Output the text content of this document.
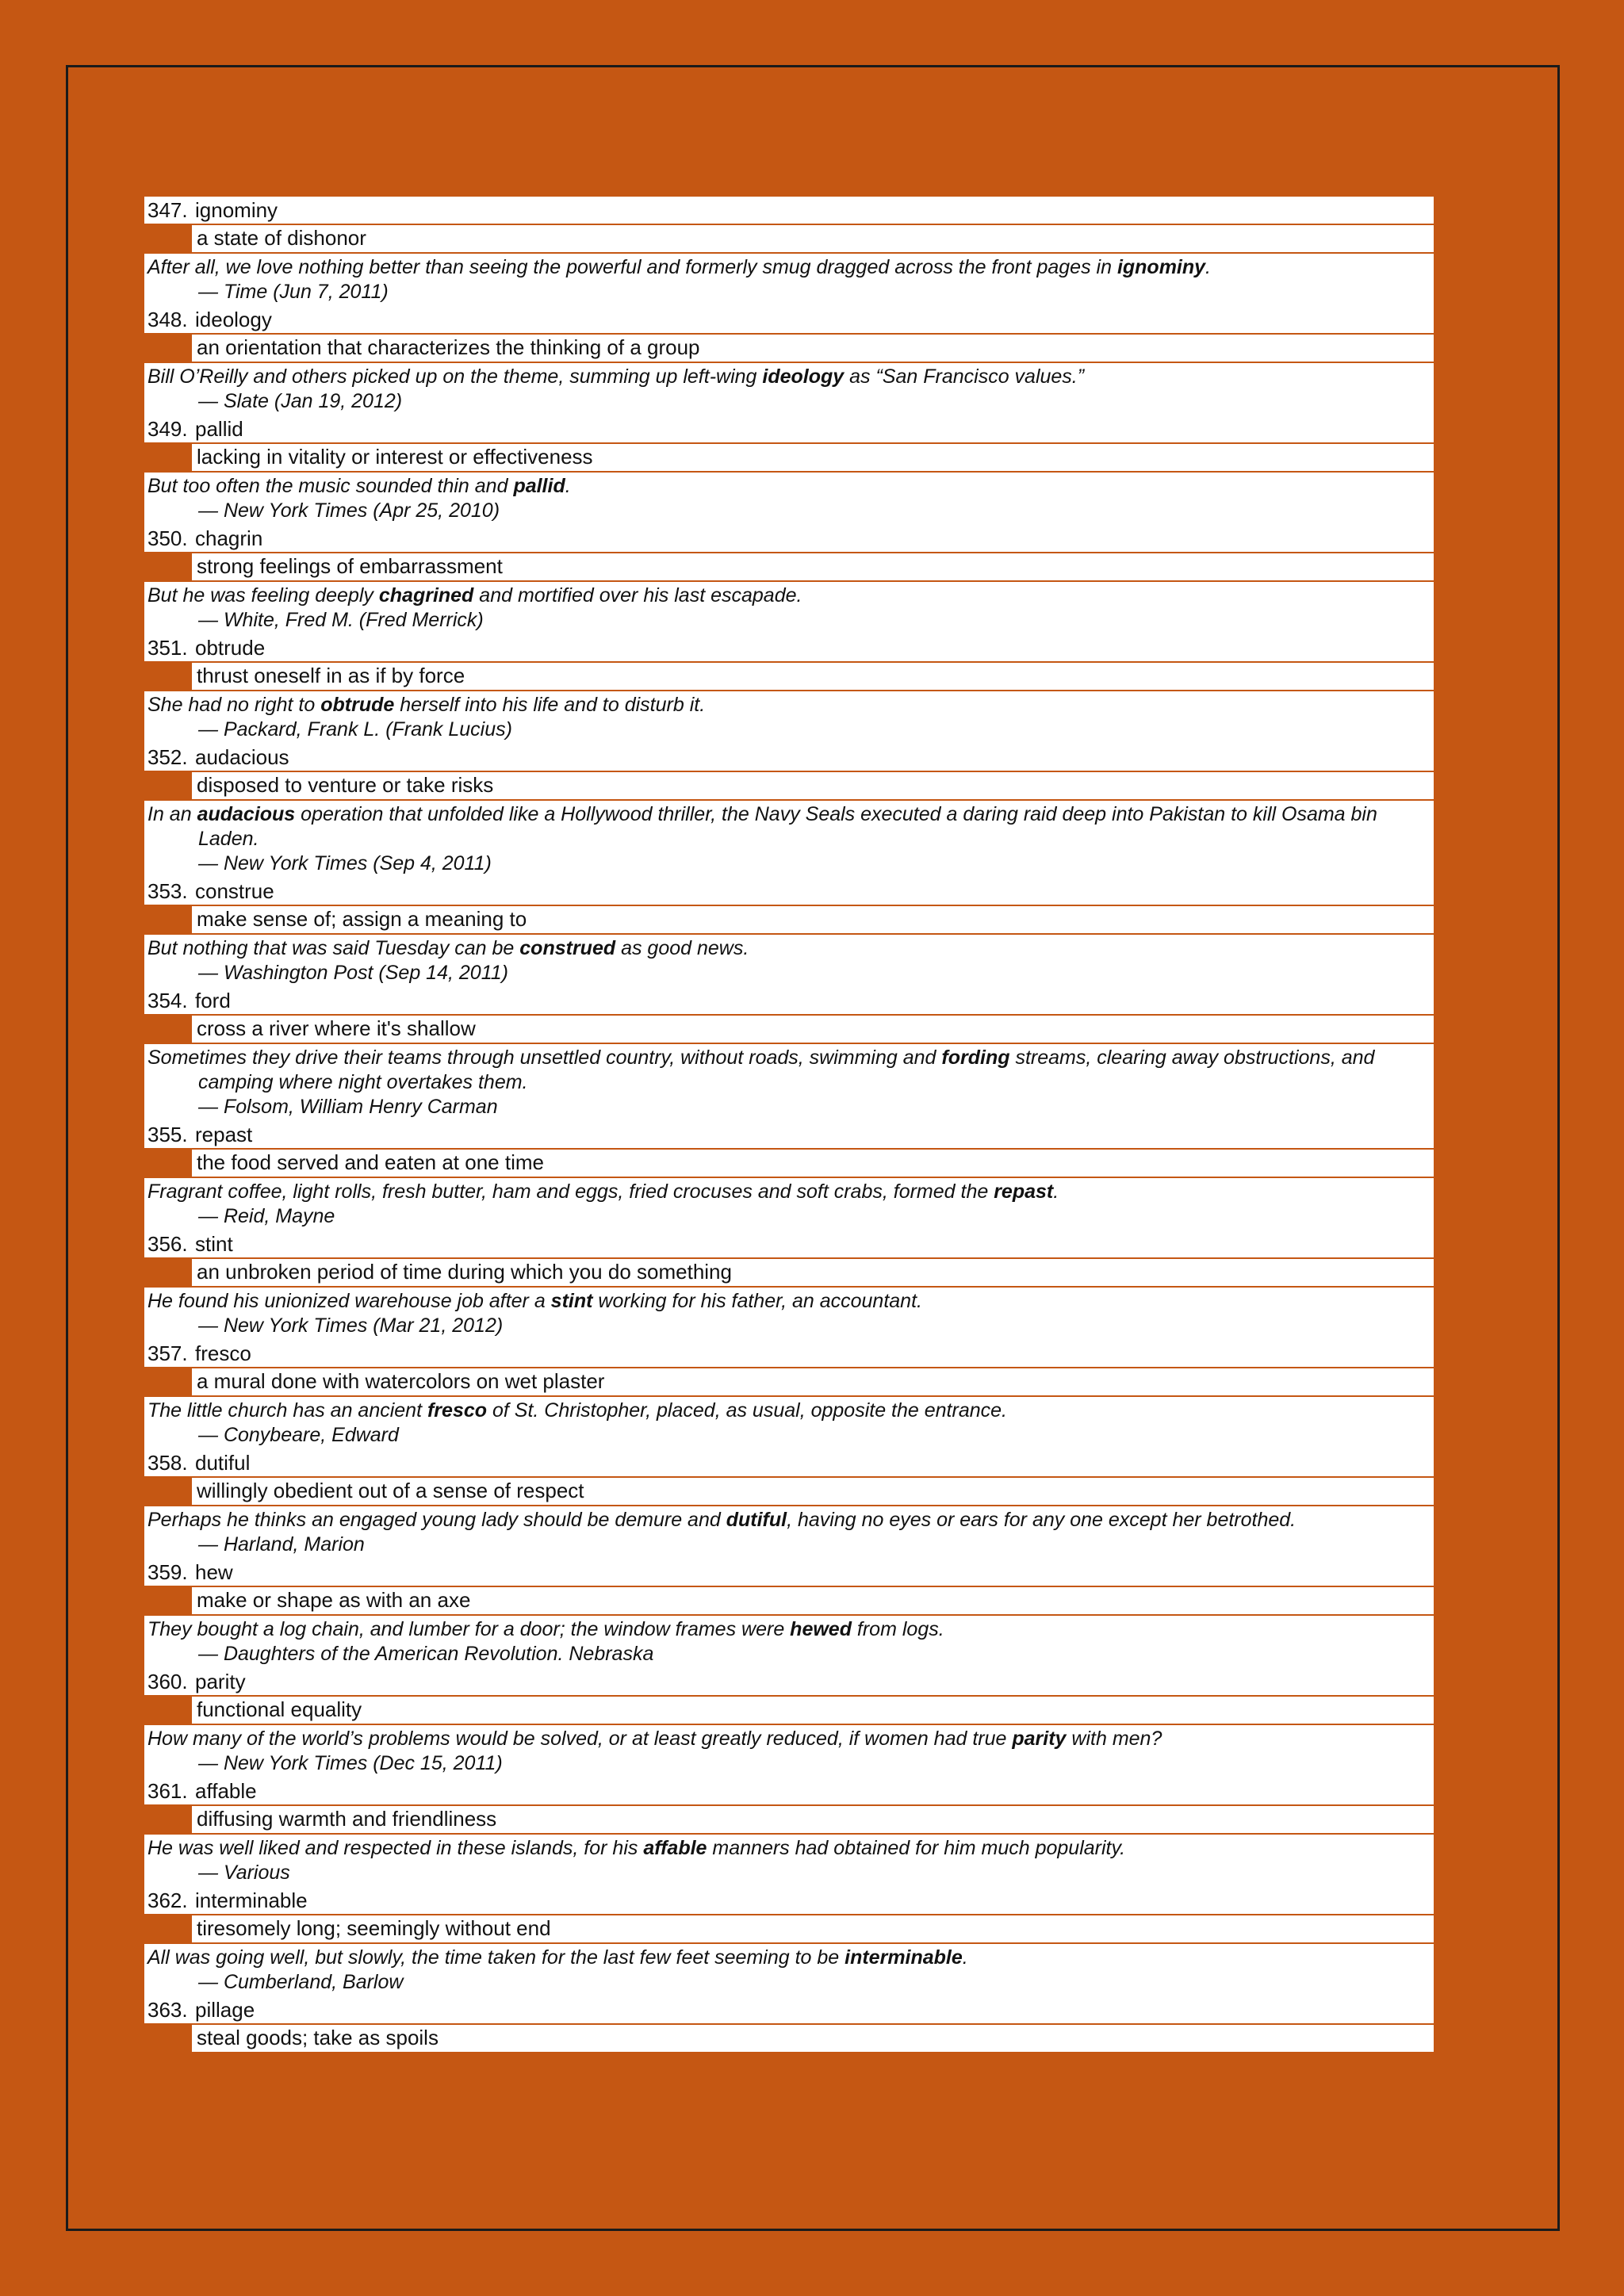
347. ignominy
a state of dishonor
After all, we love nothing better than seeing the powerful and formerly smug dragged across the front pages in ignominy.
— Time (Jun 7, 2011)
348. ideology
an orientation that characterizes the thinking of a group
Bill O’Reilly and others picked up on the theme, summing up left-wing ideology as “San Francisco values.”
— Slate (Jan 19, 2012)
349. pallid
lacking in vitality or interest or effectiveness
But too often the music sounded thin and pallid.
— New York Times (Apr 25, 2010)
350. chagrin
strong feelings of embarrassment
But he was feeling deeply chagrined and mortified over his last escapade.
— White, Fred M. (Fred Merrick)
351. obtrude
thrust oneself in as if by force
She had no right to obtrude herself into his life and to disturb it.
— Packard, Frank L. (Frank Lucius)
352. audacious
disposed to venture or take risks
In an audacious operation that unfolded like a Hollywood thriller, the Navy Seals executed a daring raid deep into Pakistan to kill Osama bin Laden.
— New York Times (Sep 4, 2011)
353. construe
make sense of; assign a meaning to
But nothing that was said Tuesday can be construed as good news.
— Washington Post (Sep 14, 2011)
354. ford
cross a river where it's shallow
Sometimes they drive their teams through unsettled country, without roads, swimming and fording streams, clearing away obstructions, and camping where night overtakes them.
— Folsom, William Henry Carman
355. repast
the food served and eaten at one time
Fragrant coffee, light rolls, fresh butter, ham and eggs, fried crocuses and soft crabs, formed the repast.
— Reid, Mayne
356. stint
an unbroken period of time during which you do something
He found his unionized warehouse job after a stint working for his father, an accountant.
— New York Times (Mar 21, 2012)
357. fresco
a mural done with watercolors on wet plaster
The little church has an ancient fresco of St. Christopher, placed, as usual, opposite the entrance.
— Conybeare, Edward
358. dutiful
willingly obedient out of a sense of respect
Perhaps he thinks an engaged young lady should be demure and dutiful, having no eyes or ears for any one except her betrothed.
— Harland, Marion
359. hew
make or shape as with an axe
They bought a log chain, and lumber for a door; the window frames were hewed from logs.
— Daughters of the American Revolution. Nebraska
360. parity
functional equality
How many of the world’s problems would be solved, or at least greatly reduced, if women had true parity with men?
— New York Times (Dec 15, 2011)
361. affable
diffusing warmth and friendliness
He was well liked and respected in these islands, for his affable manners had obtained for him much popularity.
— Various
362. interminable
tiresomely long; seemingly without end
All was going well, but slowly, the time taken for the last few feet seeming to be interminable.
— Cumberland, Barlow
363. pillage
steal goods; take as spoils
